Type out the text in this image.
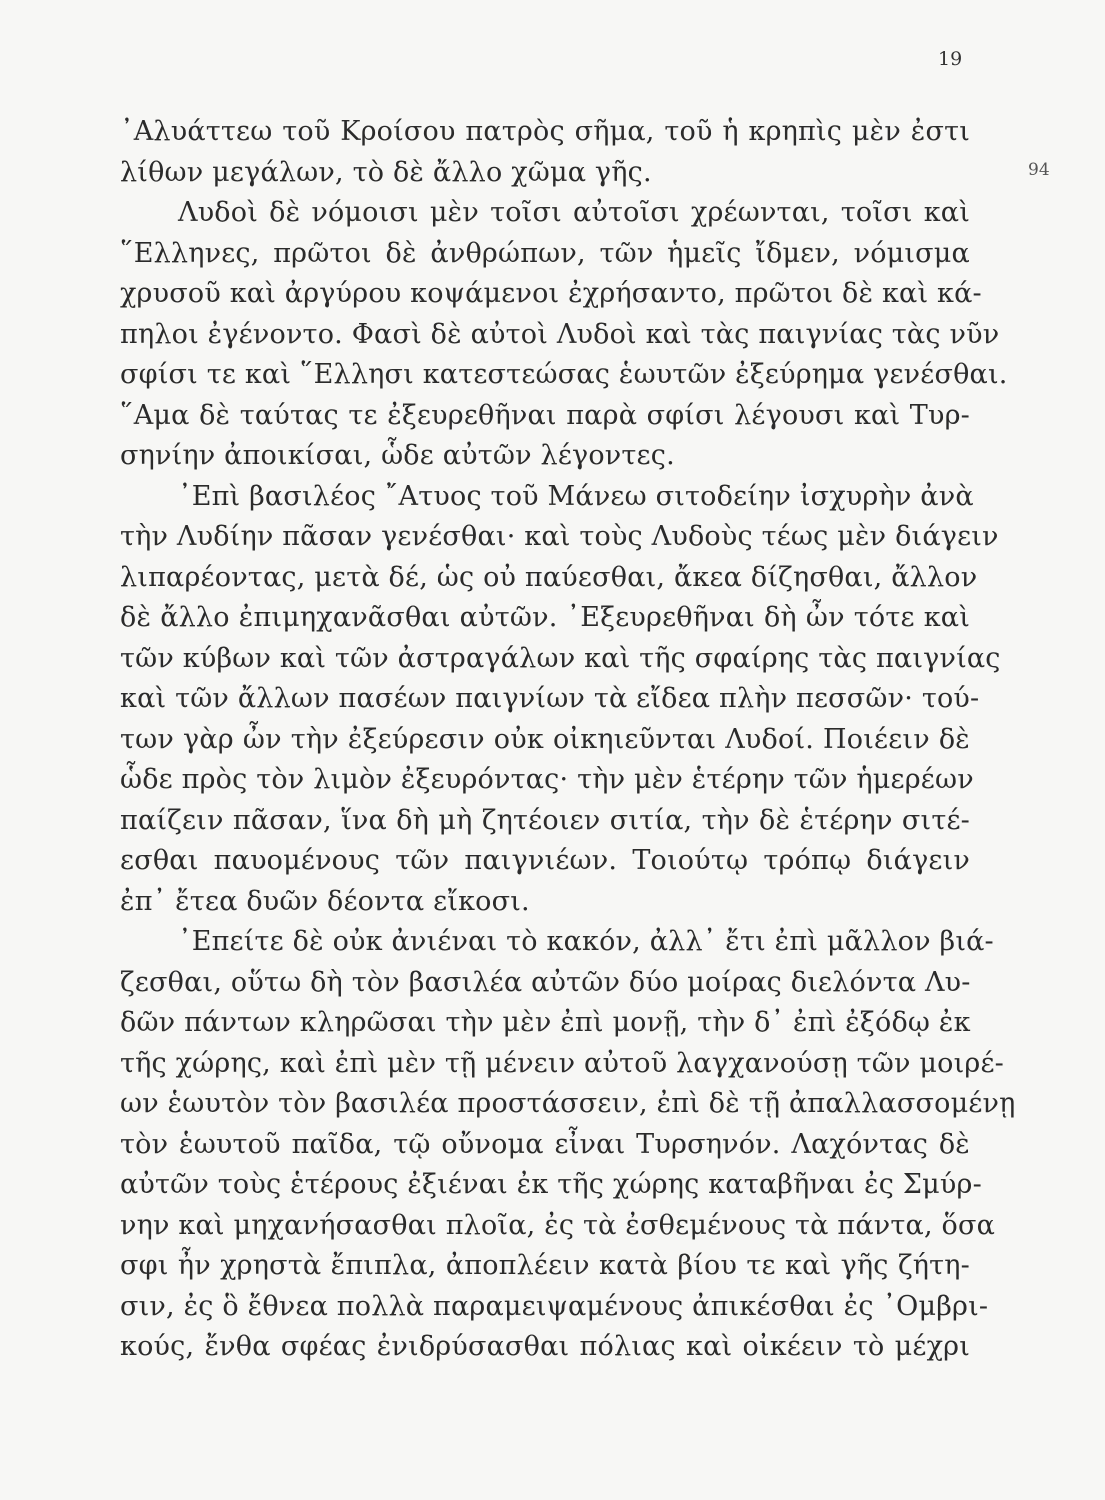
19
94
᾿Αλυάττεω τοῦ Κροίσου πατρὸς σῆμα, τοῦ ἡ κρηπὶς μὲν ἐστι
λίθων μεγάλων, τὸ δὲ ἄλλο χῶμα γῆς.
Λυδοὶ δὲ νόμοισι μὲν τοῖσι αὐτοῖσι χρέωνται, τοῖσι καὶ
῞Ελληνες, πρῶτοι δὲ ἀνθρώπων, τῶν ἡμεῖς ἴδμεν, νόμισμα
χρυσοῦ καὶ ἀργύρου κοψάμενοι ἐχρήσαντο, πρῶτοι δὲ καὶ κά-
πηλοι ἐγένοντο. Φασὶ δὲ αὐτοὶ Λυδοὶ καὶ τὰς παιγνίας τὰς νῦν
σφίσι τε καὶ ῞Ελλησι κατεστεώσας ἑωυτῶν ἐξεύρημα γενέσθαι.
῞Αμα δὲ ταύτας τε ἐξευρεθῆναι παρὰ σφίσι λέγουσι καὶ Τυρ-
σηνίην ἀποικίσαι, ὧδε αὐτῶν λέγοντες.
᾿Επὶ βασιλέος ῎Ατυος τοῦ Μάνεω σιτοδείην ἰσχυρὴν ἀνὰ
τὴν Λυδίην πᾶσαν γενέσθαι· καὶ τοὺς Λυδοὺς τέως μὲν διάγειν
λιπαρέοντας, μετὰ δέ, ὡς οὐ παύεσθαι, ἄκεα δίζησθαι, ἄλλον
δὲ ἄλλο ἐπιμηχανᾶσθαι αὐτῶν. ᾿Εξευρεθῆναι δὴ ὦν τότε καὶ
τῶν κύβων καὶ τῶν ἀστραγάλων καὶ τῆς σφαίρης τὰς παιγνίας
καὶ τῶν ἄλλων πασέων παιγνίων τὰ εἴδεα πλὴν πεσσῶν· τού-
των γὰρ ὦν τὴν ἐξεύρεσιν οὐκ οἰκηιεῦνται Λυδοί. Ποιέειν δὲ
ὧδε πρὸς τὸν λιμὸν ἐξευρόντας· τὴν μὲν ἑτέρην τῶν ἡμερέων
παίζειν πᾶσαν, ἵνα δὴ μὴ ζητέοιεν σιτία, τὴν δὲ ἑτέρην σιτέ-
εσθαι παυομένους τῶν παιγνιέων. Τοιούτῳ τρόπῳ διάγειν
ἐπ᾿ ἔτεα δυῶν δέοντα εἴκοσι.
᾿Επείτε δὲ οὐκ ἀνιέναι τὸ κακόν, ἀλλ᾿ ἔτι ἐπὶ μᾶλλον βιά-
ζεσθαι, οὕτω δὴ τὸν βασιλέα αὐτῶν δύο μοίρας διελόντα Λυ-
δῶν πάντων κληρῶσαι τὴν μὲν ἐπὶ μονῇ, τὴν δ᾿ ἐπὶ ἐξόδῳ ἐκ
τῆς χώρης, καὶ ἐπὶ μὲν τῇ μένειν αὐτοῦ λαγχανούσῃ τῶν μοιρέ-
ων ἑωυτὸν τὸν βασιλέα προστάσσειν, ἐπὶ δὲ τῇ ἀπαλλασσομένῃ
τὸν ἑωυτοῦ παῖδα, τῷ οὔνομα εἶναι Τυρσηνόν. Λαχόντας δὲ
αὐτῶν τοὺς ἑτέρους ἐξιέναι ἐκ τῆς χώρης καταβῆναι ἐς Σμύρ-
νην καὶ μηχανήσασθαι πλοῖα, ἐς τὰ ἐσθεμένους τὰ πάντα, ὅσα
σφι ἦν χρηστὰ ἔπιπλα, ἀποπλέειν κατὰ βίου τε καὶ γῆς ζήτη-
σιν, ἐς ὃ ἔθνεα πολλὰ παραμειψαμένους ἀπικέσθαι ἐς ᾿Ομβρι-
κούς, ἔνθα σφέας ἐνιδρύσασθαι πόλιας καὶ οἰκέειν τὸ μέχρι
